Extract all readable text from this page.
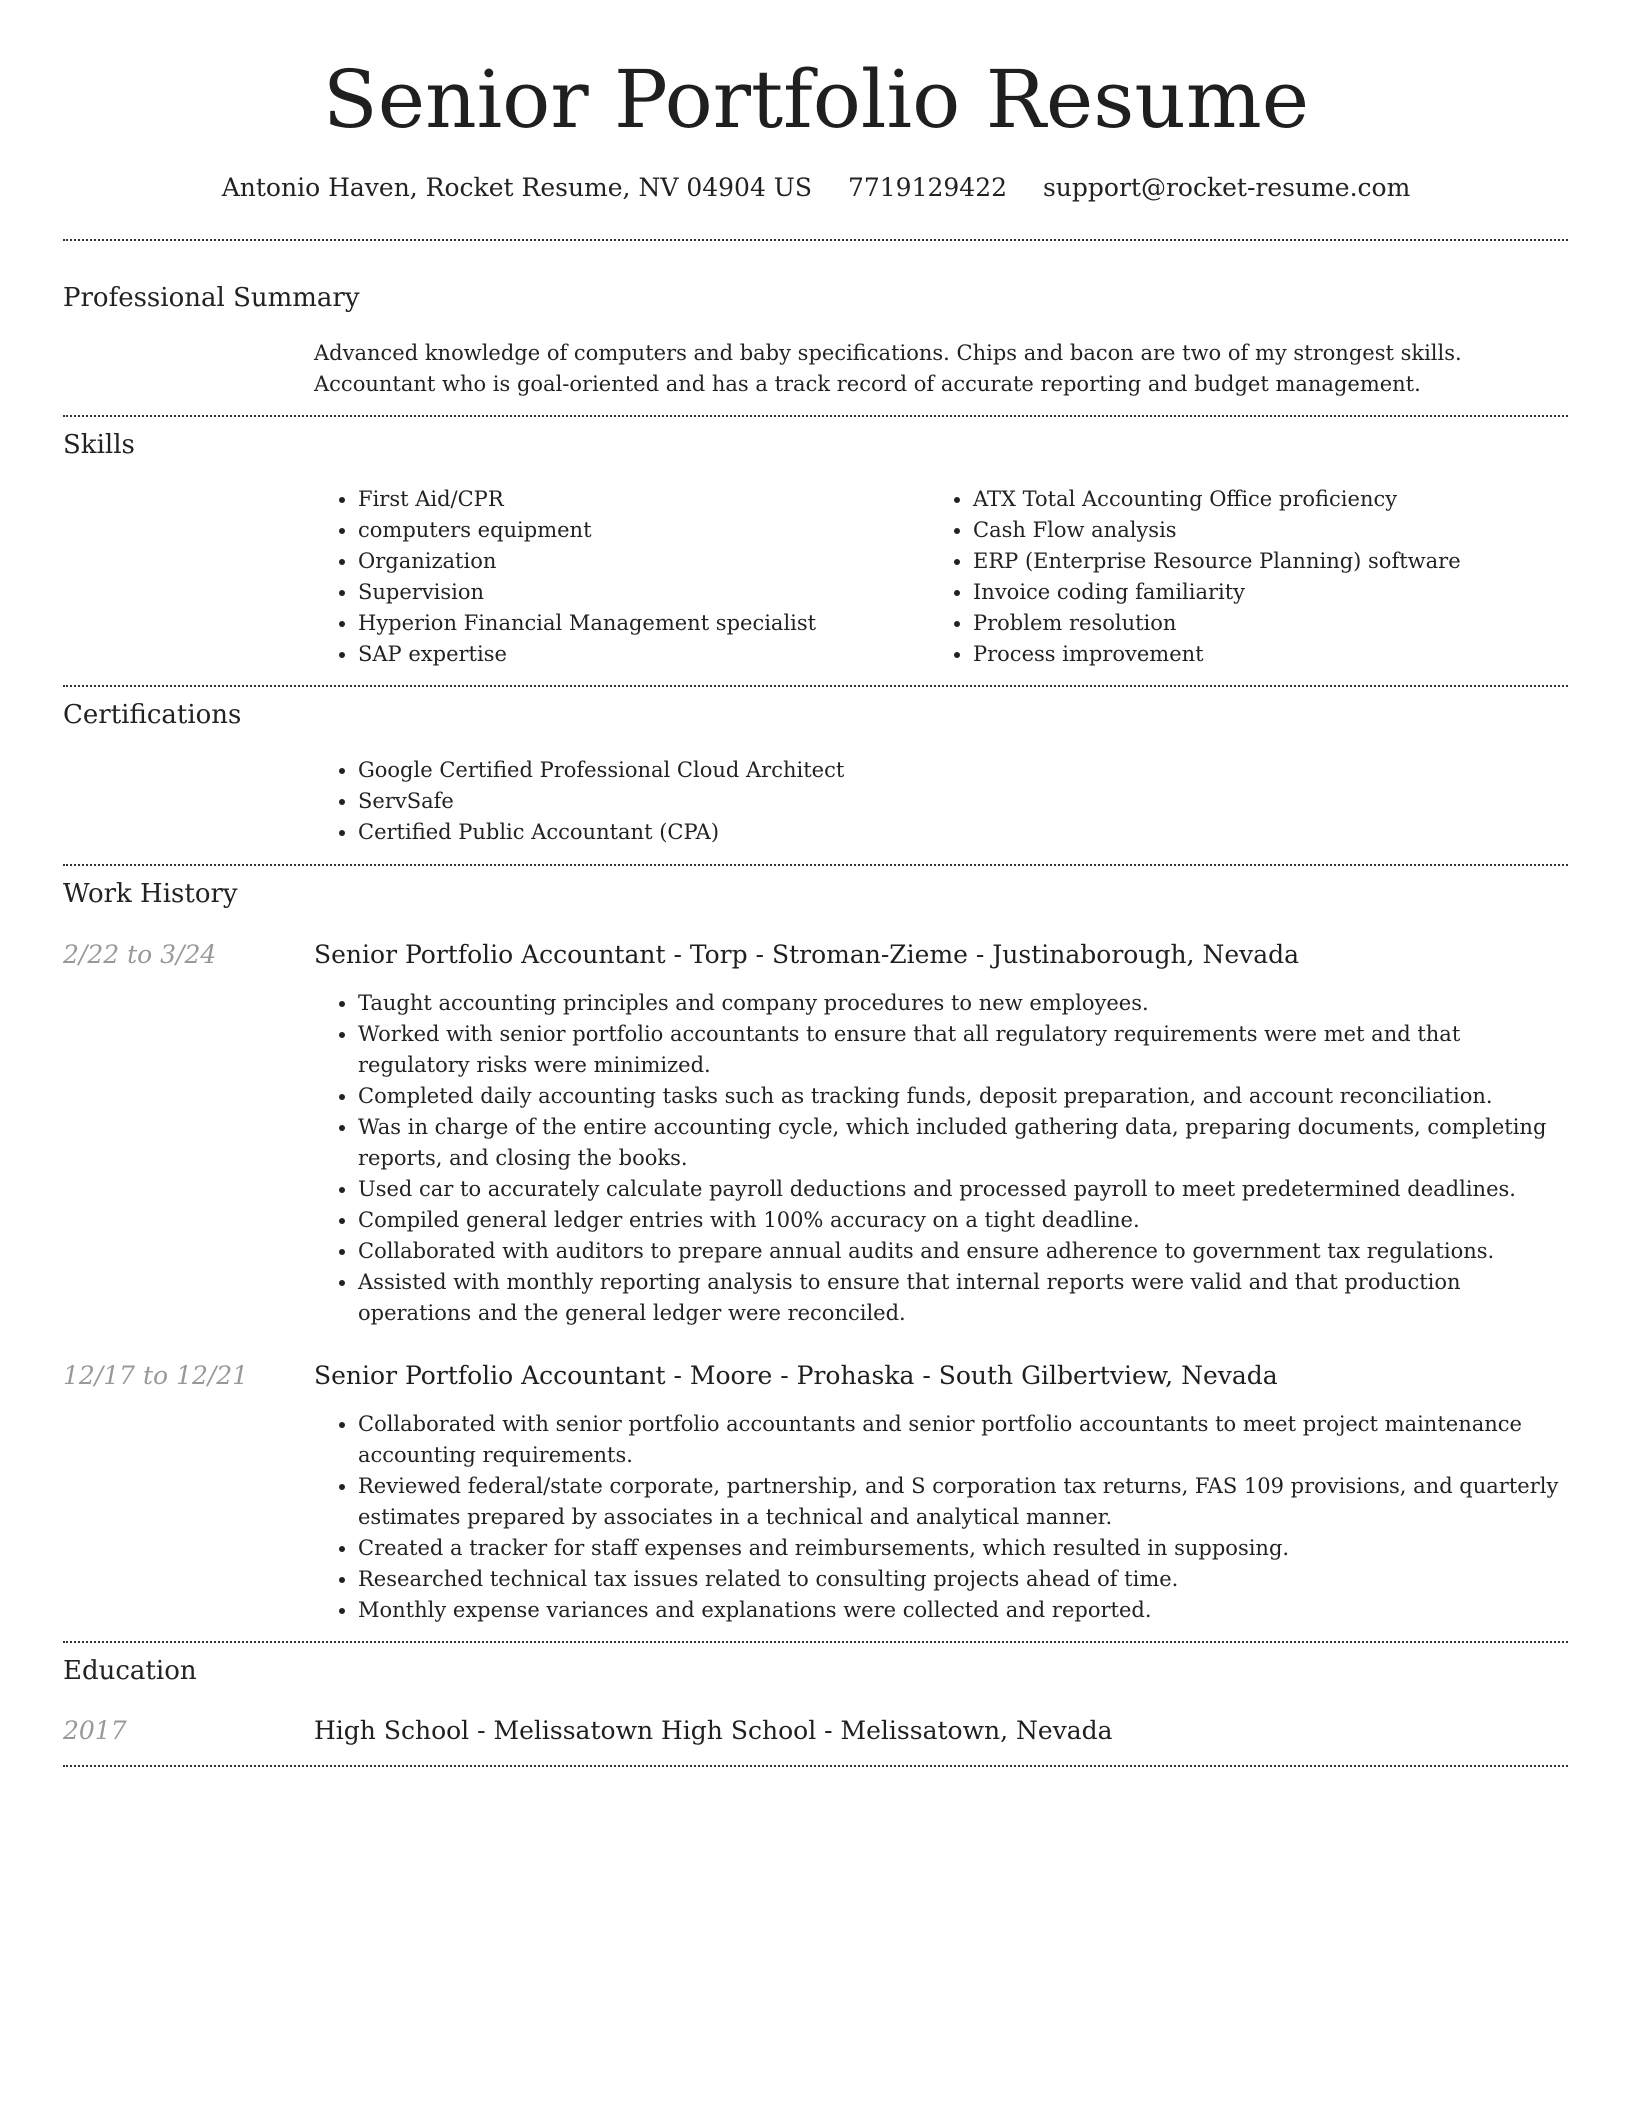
Senior Portfolio Resume
Antonio Haven, Rocket Resume, NV 04904 US 7719129422 support@rocket-resume.com
Professional Summary
Advanced knowledge of computers and baby specifications. Chips and bacon are two of my strongest skills. Accountant who is goal-oriented and has a track record of accurate reporting and budget management.
Skills
• First Aid/CPR
• computers equipment
• Organization
• Supervision
• Hyperion Financial Management specialist
• SAP expertise
• ATX Total Accounting Office proficiency
• Cash Flow analysis
• ERP (Enterprise Resource Planning) software
• Invoice coding familiarity
• Problem resolution
• Process improvement
Certifications
• Google Certified Professional Cloud Architect
• ServSafe
• Certified Public Accountant (CPA)
Work History
2/22 to 3/24	Senior Portfolio Accountant - Torp - Stroman-Zieme - Justinaborough, Nevada
• Taught accounting principles and company procedures to new employees.
• Worked with senior portfolio accountants to ensure that all regulatory requirements were met and that regulatory risks were minimized.
• Completed daily accounting tasks such as tracking funds, deposit preparation, and account reconciliation.
• Was in charge of the entire accounting cycle, which included gathering data, preparing documents, completing reports, and closing the books.
• Used car to accurately calculate payroll deductions and processed payroll to meet predetermined deadlines.
• Compiled general ledger entries with 100% accuracy on a tight deadline.
• Collaborated with auditors to prepare annual audits and ensure adherence to government tax regulations.
• Assisted with monthly reporting analysis to ensure that internal reports were valid and that production operations and the general ledger were reconciled.
12/17 to 12/21	Senior Portfolio Accountant - Moore - Prohaska - South Gilbertview, Nevada
• Collaborated with senior portfolio accountants and senior portfolio accountants to meet project maintenance accounting requirements.
• Reviewed federal/state corporate, partnership, and S corporation tax returns, FAS 109 provisions, and quarterly estimates prepared by associates in a technical and analytical manner.
• Created a tracker for staff expenses and reimbursements, which resulted in supposing.
• Researched technical tax issues related to consulting projects ahead of time.
• Monthly expense variances and explanations were collected and reported.
Education
2017	High School - Melissatown High School - Melissatown, Nevada
